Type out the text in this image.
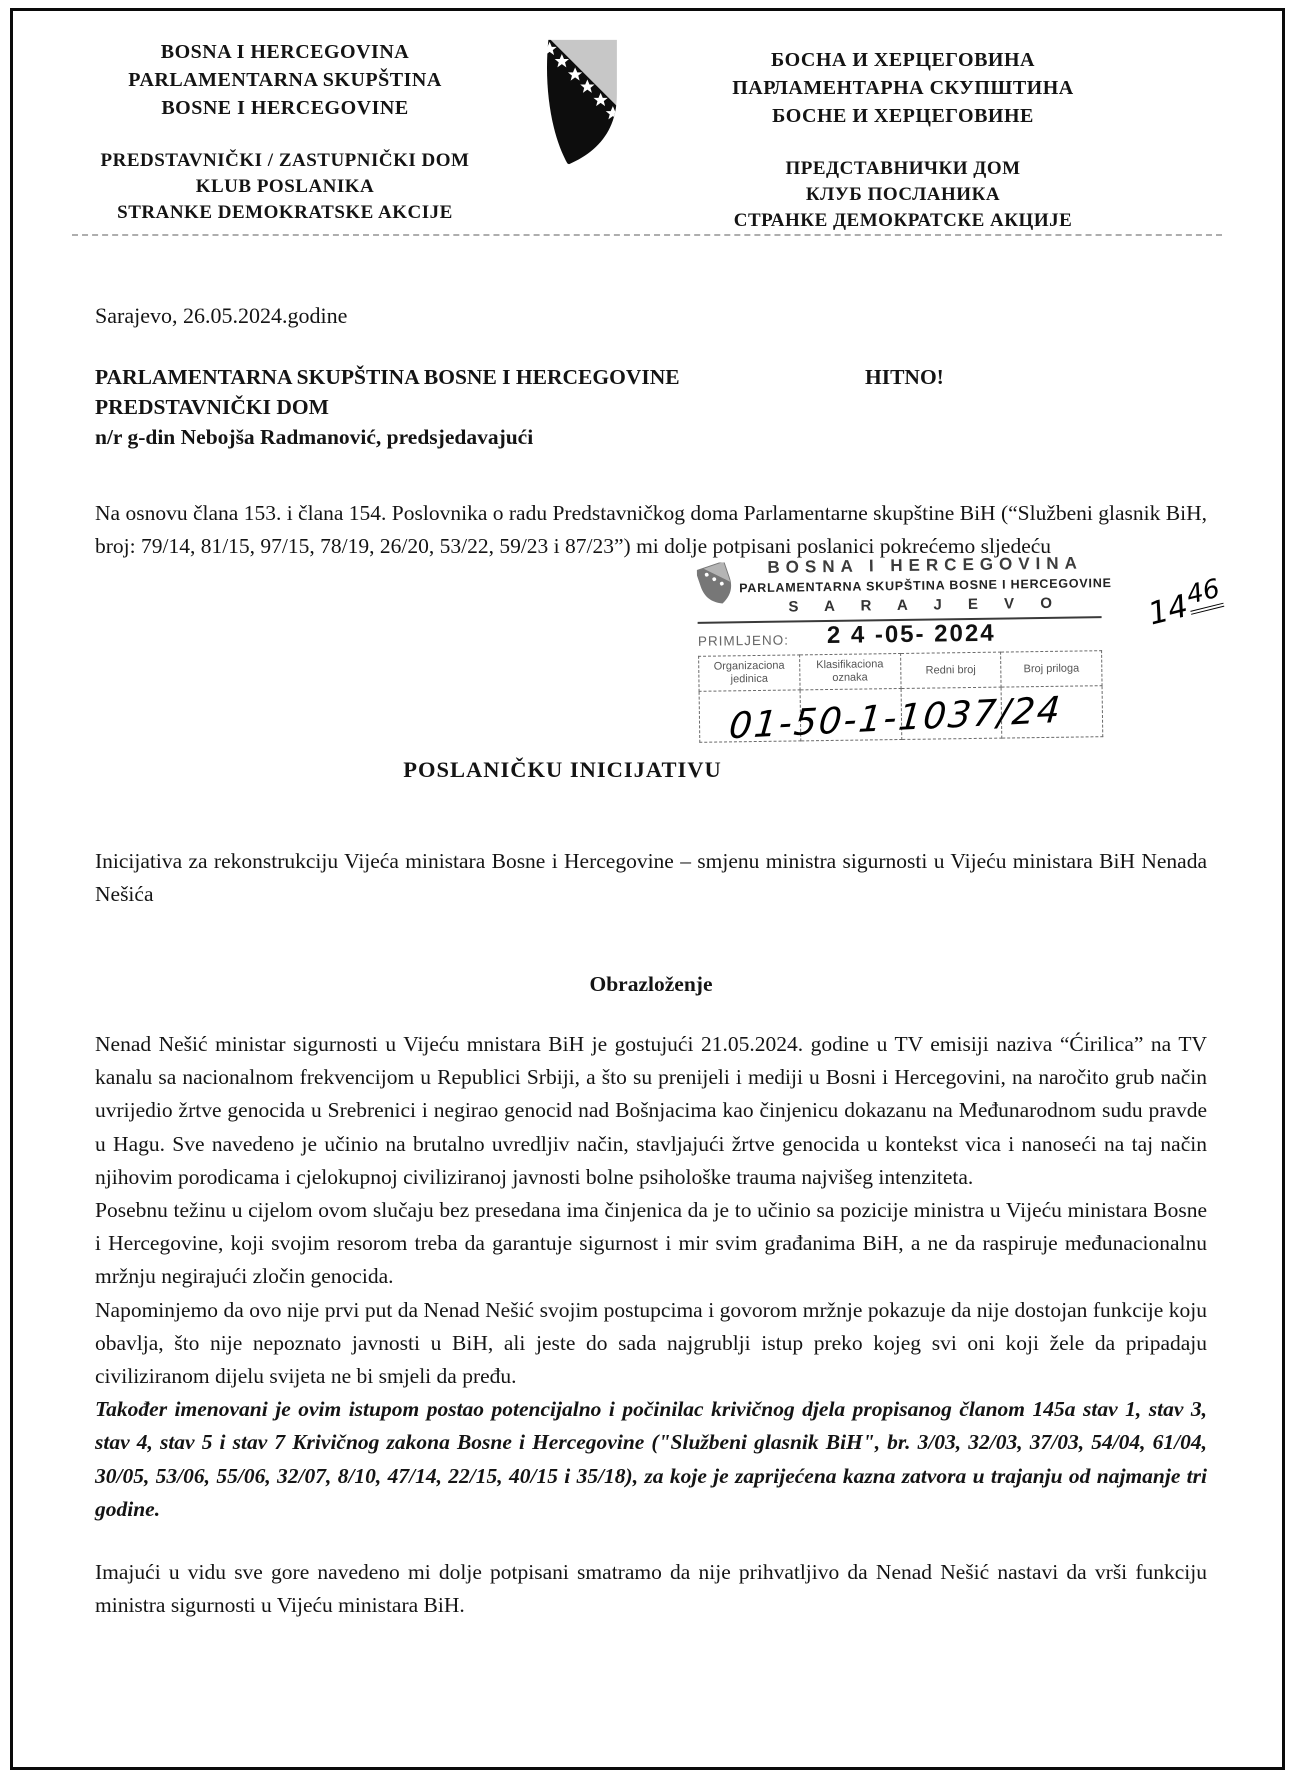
BOSNA I HERCEGOVINA
PARLAMENTARNA SKUPŠTINA
BOSNE I HERCEGOVINE
PREDSTAVNIČKI / ZASTUPNIČKI DOM
KLUB POSLANIKA
STRANKE DEMOKRATSKE AKCIJE
БОСНА И ХЕРЦЕГОВИНА
ПАРЛАМЕНТАРНА СКУПШТИНА
БОСНЕ И ХЕРЦЕГОВИНЕ
ПРЕДСТАВНИЧКИ ДОМ
КЛУБ ПОСЛАНИКА
СТРАНКЕ ДЕМОКРАТСКЕ АКЦИЈЕ
Sarajevo, 26.05.2024.godine
PARLAMENTARNA SKUPŠTINA BOSNE I HERCEGOVINE
PREDSTAVNIČKI DOM
n/r g-din Nebojša Radmanović, predsjedavajući
HITNO!
Na osnovu člana 153. i člana 154. Poslovnika o radu Predstavničkog doma Parlamentarne skupštine BiH (“Službeni glasnik BiH, broj: 79/14, 81/15, 97/15, 78/19, 26/20, 53/22, 59/23 i 87/23”) mi dolje potpisani poslanici pokrećemo sljedeću
BOSNA I HERCEGOVINA
PARLAMENTARNA SKUPŠTINA BOSNE I HERCEGOVINE
S A R A J E V O
PRIMLJENO: 2 4 -05- 2024
Organizaciona jedinica	Klasifikaciona oznaka	Redni broj	Broj priloga

01-50-1-1037/24
$14^{46}$
POSLANIČKU INICIJATIVU
Inicijativa za rekonstrukciju Vijeća ministara Bosne i Hercegovine – smjenu ministra sigurnosti u Vijeću ministara BiH Nenada Nešića
Obrazloženje

Nenad Nešić ministar sigurnosti u Vijeću mnistara BiH je gostujući 21.05.2024. godine u TV emisiji naziva “Ćirilica” na TV kanalu sa nacionalnom frekvencijom u Republici Srbiji, a što su prenijeli i mediji u Bosni i Hercegovini, na naročito grub način uvrijedio žrtve genocida u Srebrenici i negirao genocid nad Bošnjacima kao činjenicu dokazanu na Međunarodnom sudu pravde u Hagu. Sve navedeno je učinio na brutalno uvredljiv način, stavljajući žrtve genocida u kontekst vica i nanoseći na taj način njihovim porodicama i cjelokupnoj civiliziranoj javnosti bolne psihološke trauma najvišeg intenziteta.

Posebnu težinu u cijelom ovom slučaju bez presedana ima činjenica da je to učinio sa pozicije ministra u Vijeću ministara Bosne i Hercegovine, koji svojim resorom treba da garantuje sigurnost i mir svim građanima BiH, a ne da raspiruje međunacionalnu mržnju negirajući zločin genocida.

Napominjemo da ovo nije prvi put da Nenad Nešić svojim postupcima i govorom mržnje pokazuje da nije dostojan funkcije koju obavlja, što nije nepoznato javnosti u BiH, ali jeste do sada najgrublji istup preko kojeg svi oni koji žele da pripadaju civiliziranom dijelu svijeta ne bi smjeli da pređu.

Također imenovani je ovim istupom postao potencijalno i počinilac krivičnog djela propisanog članom 145a stav 1, stav 3, stav 4, stav 5 i stav 7 Krivičnog zakona Bosne i Hercegovine ("Službeni glasnik BiH", br. 3/03, 32/03, 37/03, 54/04, 61/04, 30/05, 53/06, 55/06, 32/07, 8/10, 47/14, 22/15, 40/15 i 35/18), za koje je zaprijećena kazna zatvora u trajanju od najmanje tri godine.

Imajući u vidu sve gore navedeno mi dolje potpisani smatramo da nije prihvatljivo da Nenad Nešić nastavi da vrši funkciju ministra sigurnosti u Vijeću ministara BiH.
